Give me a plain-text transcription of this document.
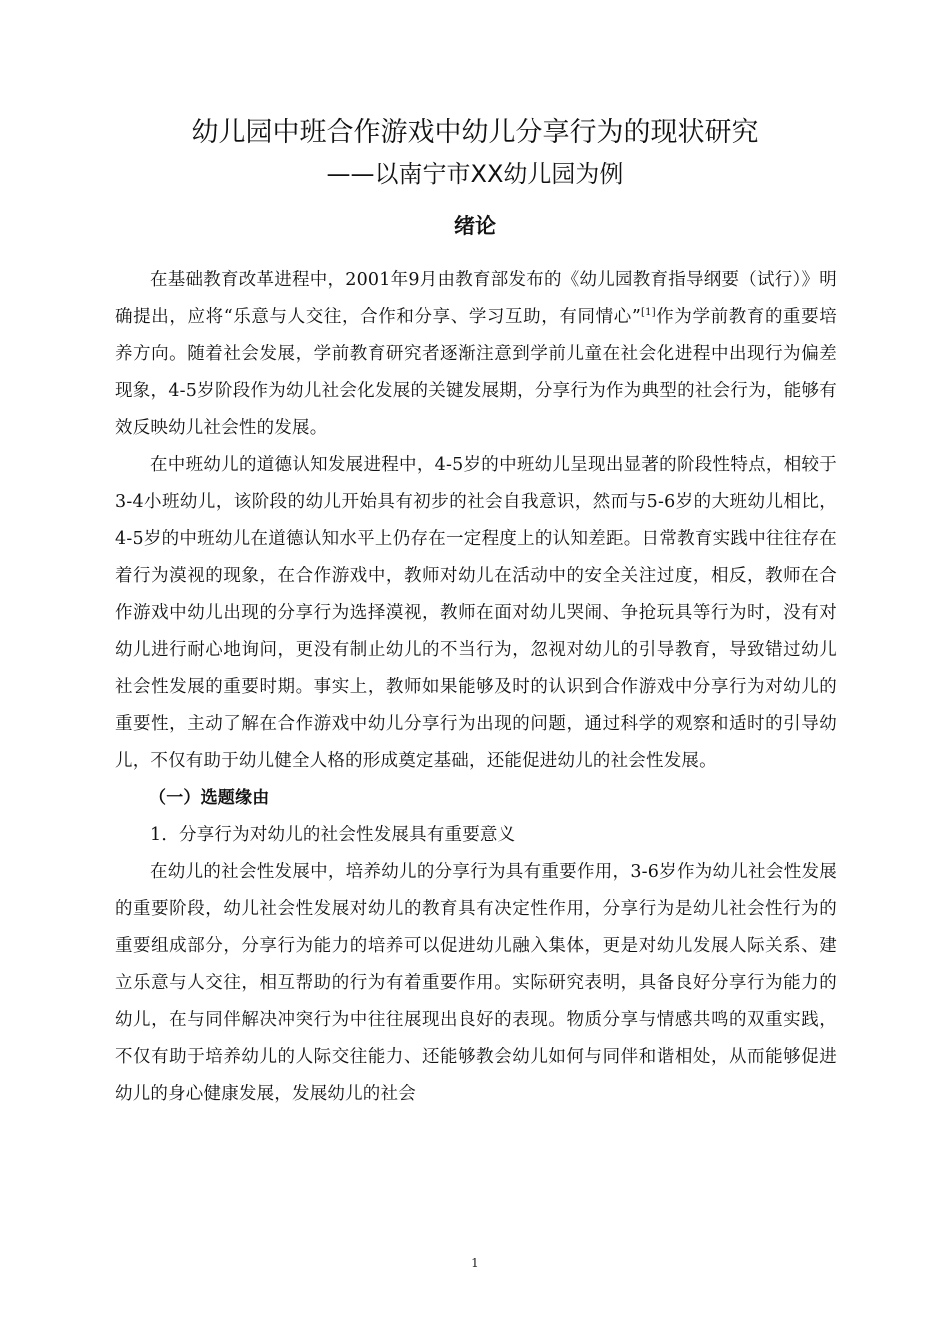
幼儿园中班合作游戏中幼儿分享行为的现状研究
——以南宁市XX幼儿园为例
绪论

在基础教育改革进程中，2001年9月由教育部发布的《幼儿园教育指导纲要（试行）》明确提出，应将“乐意与人交往，合作和分享、学习互助，有同情心”[1]作为学前教育的重要培养方向。随着社会发展，学前教育研究者逐渐注意到学前儿童在社会化进程中出现行为偏差现象，4-5岁阶段作为幼儿社会化发展的关键发展期，分享行为作为典型的社会行为，能够有效反映幼儿社会性的发展。

在中班幼儿的道德认知发展进程中，4-5岁的中班幼儿呈现出显著的阶段性特点，相较于3-4小班幼儿，该阶段的幼儿开始具有初步的社会自我意识，然而与5-6岁的大班幼儿相比，4-5岁的中班幼儿在道德认知水平上仍存在一定程度上的认知差距。日常教育实践中往往存在着行为漠视的现象，在合作游戏中，教师对幼儿在活动中的安全关注过度，相反，教师在合作游戏中幼儿出现的分享行为选择漠视，教师在面对幼儿哭闹、争抢玩具等行为时，没有对幼儿进行耐心地询问，更没有制止幼儿的不当行为，忽视对幼儿的引导教育，导致错过幼儿社会性发展的重要时期。事实上，教师如果能够及时的认识到合作游戏中分享行为对幼儿的重要性，主动了解在合作游戏中幼儿分享行为出现的问题，通过科学的观察和适时的引导幼儿，不仅有助于幼儿健全人格的形成奠定基础，还能促进幼儿的社会性发展。

（一）选题缘由

1．分享行为对幼儿的社会性发展具有重要意义

在幼儿的社会性发展中，培养幼儿的分享行为具有重要作用，3-6岁作为幼儿社会性发展的重要阶段，幼儿社会性发展对幼儿的教育具有决定性作用，分享行为是幼儿社会性行为的重要组成部分，分享行为能力的培养可以促进幼儿融入集体，更是对幼儿发展人际关系、建立乐意与人交往，相互帮助的行为有着重要作用。实际研究表明，具备良好分享行为能力的幼儿，在与同伴解决冲突行为中往往展现出良好的表现。物质分享与情感共鸣的双重实践，不仅有助于培养幼儿的人际交往能力、还能够教会幼儿如何与同伴和谐相处，从而能够促进幼儿的身心健康发展，发展幼儿的社会

1
